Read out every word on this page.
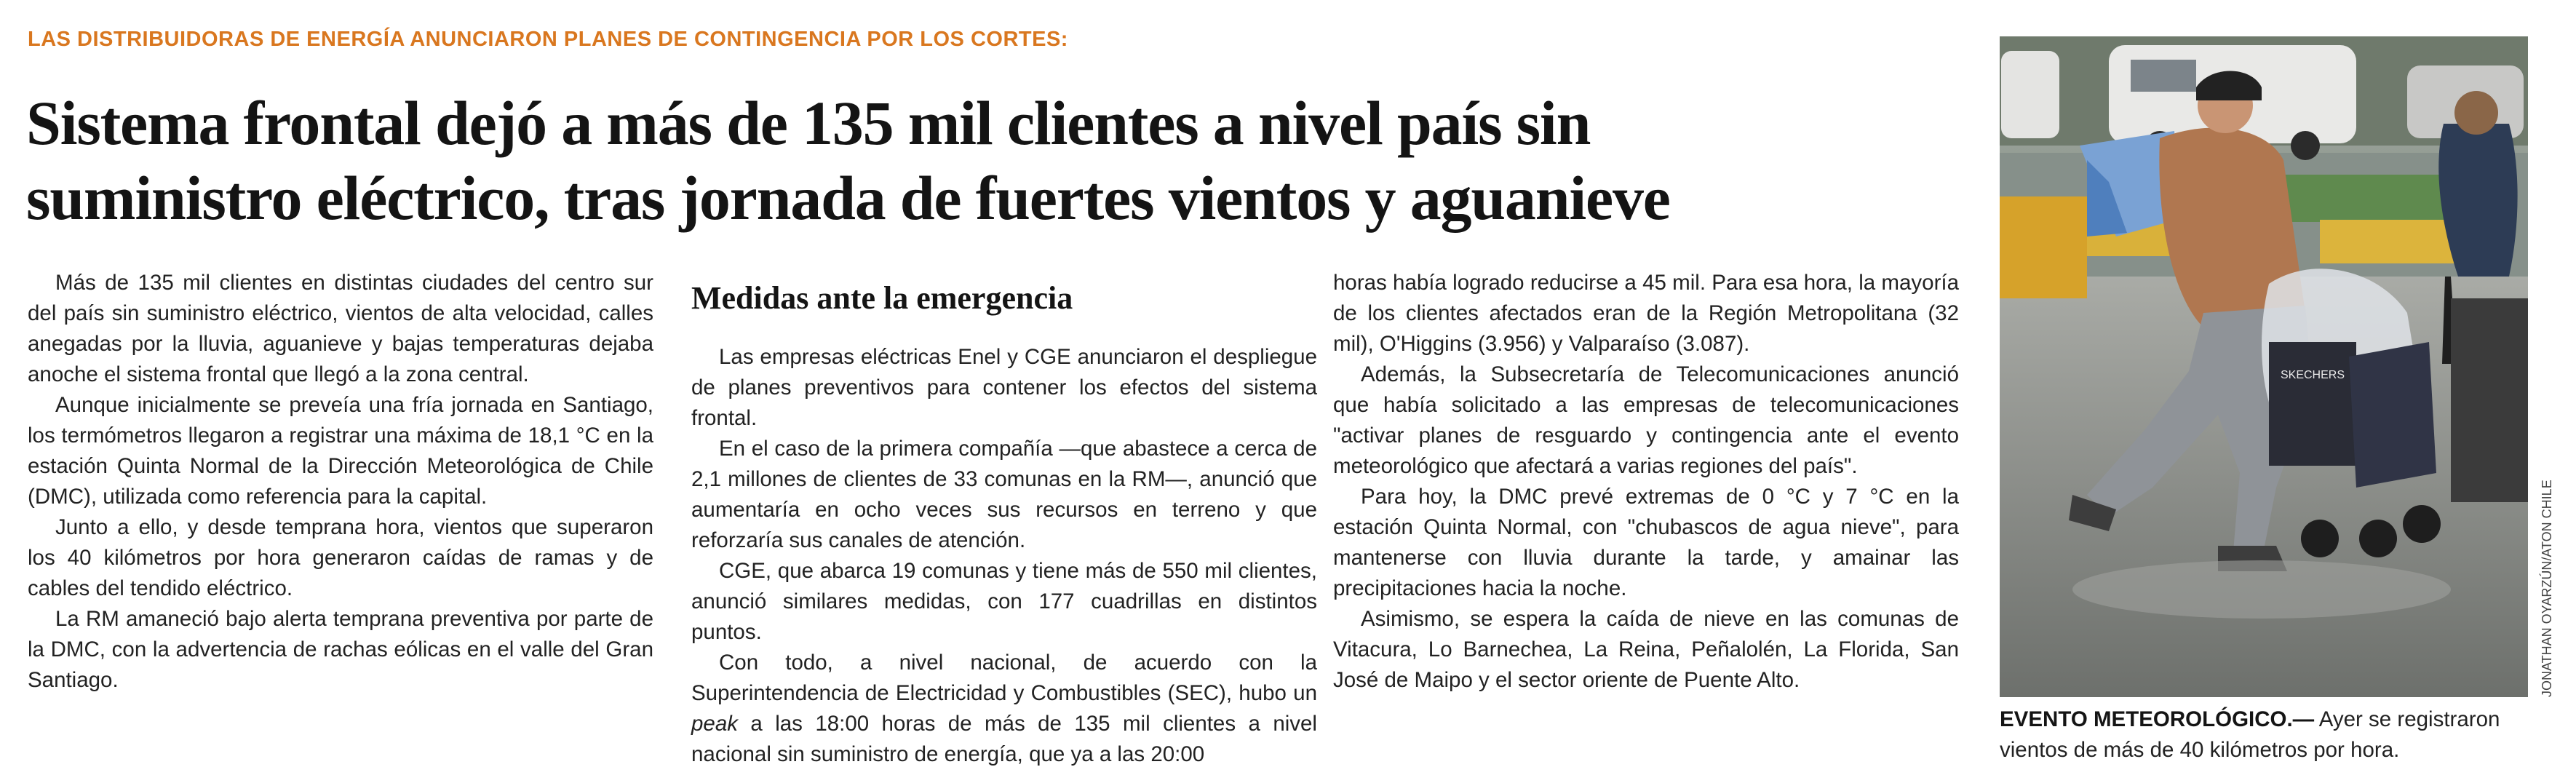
LAS DISTRIBUIDORAS DE ENERGÍA ANUNCIARON PLANES DE CONTINGENCIA POR LOS CORTES:
Sistema frontal dejó a más de 135 mil clientes a nivel país sin
suministro eléctrico, tras jornada de fuertes vientos y aguanieve

Más de 135 mil clientes en distintas ciudades del centro sur del país sin suministro eléctrico, vientos de alta velocidad, calles anegadas por la lluvia, aguanieve y bajas temperaturas dejaba anoche el sistema frontal que llegó a la zona central.

Aunque inicialmente se preveía una fría jornada en Santiago, los termómetros llegaron a registrar una máxima de 18,1 °C en la estación Quinta Normal de la Dirección Meteorológica de Chile (DMC), utilizada como referencia para la capital.

Junto a ello, y desde temprana hora, vientos que superaron los 40 kilómetros por hora generaron caídas de ramas y de cables del tendido eléctrico.

La RM amaneció bajo alerta temprana preventiva por parte de la DMC, con la advertencia de rachas eólicas en el valle del Gran Santiago.

Medidas ante la emergencia

Las empresas eléctricas Enel y CGE anunciaron el despliegue de planes preventivos para contener los efectos del sistema frontal.

En el caso de la primera compañía —que abastece a cerca de 2,1 millones de clientes de 33 comunas en la RM—, anunció que aumentaría en ocho veces sus recursos en terreno y que reforzaría sus canales de atención.

CGE, que abarca 19 comunas y tiene más de 550 mil clientes, anunció similares medidas, con 177 cuadrillas en distintos puntos.

Con todo, a nivel nacional, de acuerdo con la Superintendencia de Electricidad y Combustibles (SEC), hubo un peak a las 18:00 horas de más de 135 mil clientes a nivel nacional sin suministro de energía, que ya a las 20:00

horas había logrado reducirse a 45 mil. Para esa hora, la mayoría de los clientes afectados eran de la Región Metropolitana (32 mil), O'Higgins (3.956) y Valparaíso (3.087).

Además, la Subsecretaría de Telecomunicaciones anunció que había solicitado a las empresas de telecomunicaciones "activar planes de resguardo y contingencia ante el evento meteorológico que afectará a varias regiones del país".

Para hoy, la DMC prevé extremas de 0 °C y 7 °C en la estación Quinta Normal, con "chubascos de agua nieve", para mantenerse con lluvia durante la tarde, y amainar las precipitaciones hacia la noche.

Asimismo, se espera la caída de nieve en las comunas de Vitacura, Lo Barnechea, La Reina, Peñalolén, La Florida, San José de Maipo y el sector oriente de Puente Alto.

SKECHERS
JONATHAN OYARZÚN/ATON CHILE
EVENTO METEOROLÓGICO.— Ayer se registraron vientos de más de 40 kilómetros por hora.
